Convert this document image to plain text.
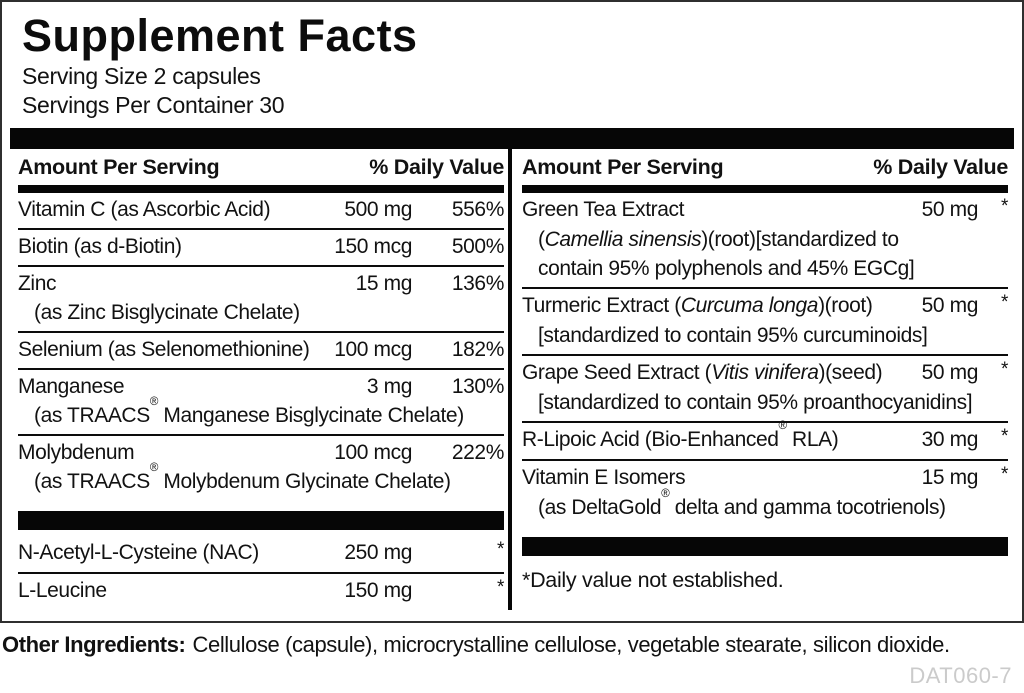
Supplement Facts
Serving Size 2 capsules
Servings Per Container 30
Amount Per Serving	% Daily Value
Vitamin C (as Ascorbic Acid)	500 mg	556%
Biotin (as d-Biotin)	150 mcg	500%
Zinc	15 mg	136%
(as Zinc Bisglycinate Chelate)
Selenium (as Selenomethionine)	100 mcg	182%
Manganese	3 mg	130%
(as TRAACS® Manganese Bisglycinate Chelate)
Molybdenum	100 mcg	222%
(as TRAACS® Molybdenum Glycinate Chelate)
N-Acetyl-L-Cysteine (NAC)	250 mg	*
L-Leucine	150 mg	*
Amount Per Serving	% Daily Value
Green Tea Extract	50 mg	*
(Camellia sinensis)(root)[standardized to
contain 95% polyphenols and 45% EGCg]
Turmeric Extract (Curcuma longa)(root)	50 mg	*
[standardized to contain 95% curcuminoids]
Grape Seed Extract (Vitis vinifera)(seed)	50 mg	*
[standardized to contain 95% proanthocyanidins]
R-Lipoic Acid (Bio-Enhanced® RLA)	30 mg	*
Vitamin E Isomers	15 mg	*
(as DeltaGold® delta and gamma tocotrienols)
*Daily value not established.
Other Ingredients: Cellulose (capsule), microcrystalline cellulose, vegetable stearate, silicon dioxide.
DAT060-7
